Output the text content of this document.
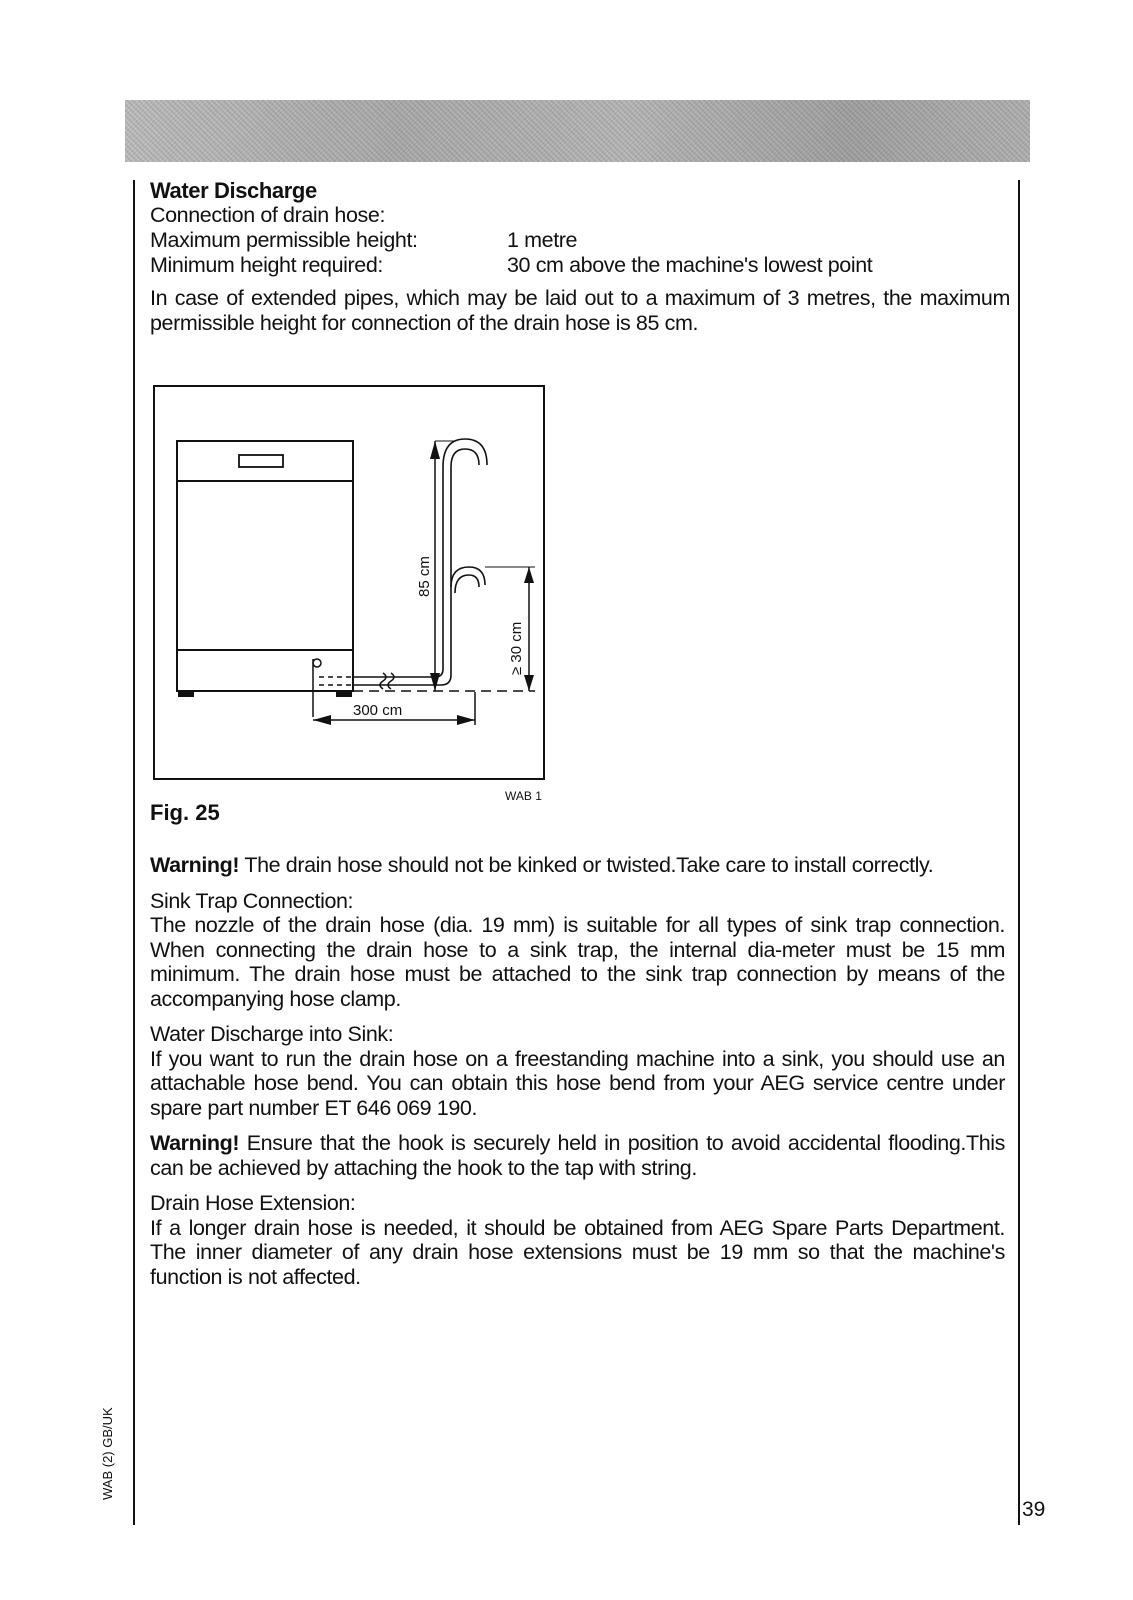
Water Discharge

Connection of drain hose:

Maximum permissible height:	1 metre
Minimum height required:	30 cm above the machine's lowest point

In case of extended pipes, which may be laid out to a maximum of 3 metres, the maximum permissible height for connection of the drain hose is 85 cm.

85 cm
≥ 30 cm
300 cm
WAB 1
Fig. 25

Warning! The drain hose should not be kinked or twisted.Take care to install correctly.

Sink Trap Connection:

The nozzle of the drain hose (dia. 19 mm) is suitable for all types of sink trap connection. When connecting the drain hose to a sink trap, the internal dia-meter must be 15 mm minimum. The drain hose must be attached to the sink trap connection by means of the accompanying hose clamp.

Water Discharge into Sink:

If you want to run the drain hose on a freestanding machine into a sink, you should use an attachable hose bend. You can obtain this hose bend from your AEG service centre under spare part number ET 646 069 190.

Warning! Ensure that the hook is securely held in position to avoid accidental flooding.This can be achieved by attaching the hook to the tap with string.

Drain Hose Extension:

If a longer drain hose is needed, it should be obtained from AEG Spare Parts Department. The inner diameter of any drain hose extensions must be 19 mm so that the machine's function is not affected.

WAB (2) GB/UK
39
